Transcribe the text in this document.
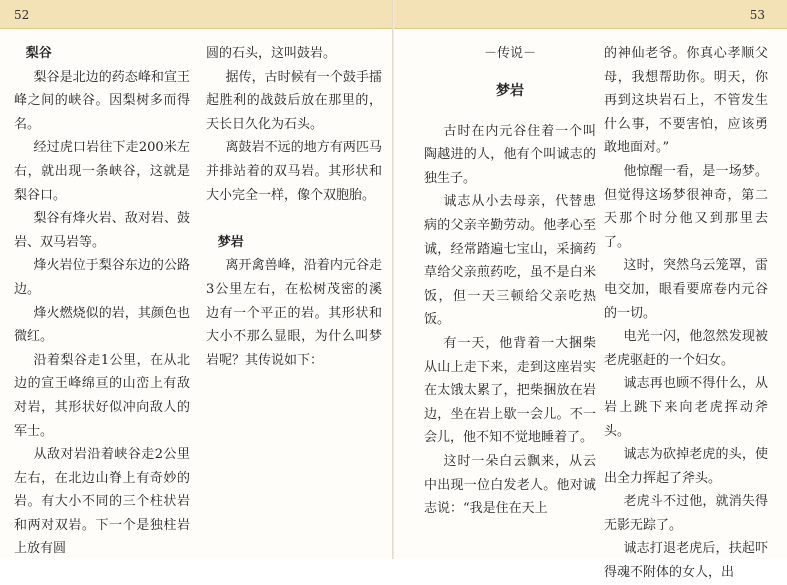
52
梨谷

梨谷是北边的药态峰和宣王峰之间的峡谷。因梨树多而得名。

经过虎口岩往下走200米左右，就出现一条峡谷，这就是梨谷口。

梨谷有烽火岩、敌对岩、鼓岩、双马岩等。

烽火岩位于梨谷东边的公路边。

烽火燃烧似的岩，其颜色也微红。

沿着梨谷走1公里，在从北边的宣王峰绵亘的山峦上有敌对岩，其形状好似冲向敌人的军士。

从敌对岩沿着峡谷走2公里左右，在北边山脊上有奇妙的岩。有大小不同的三个柱状岩和两对双岩。下一个是独柱岩上放有圆

圆的石头，这叫鼓岩。

据传，古时候有一个鼓手擂起胜利的战鼓后放在那里的，天长日久化为石头。

离鼓岩不远的地方有两匹马并排站着的双马岩。其形状和大小完全一样，像个双胞胎。

梦岩

离开禽兽峰，沿着内元谷走3公里左右，在松树茂密的溪边有一个平正的岩。其形状和大小不那么显眼，为什么叫梦岩呢？其传说如下：

53
－传说－
梦岩

古时在内元谷住着一个叫陶越进的人，他有个叫诚志的独生子。

诚志从小去母亲，代替患病的父亲辛勤劳动。他孝心至诚，经常踏遍七宝山，采摘药草给父亲煎药吃，虽不是白米饭，但一天三顿给父亲吃热饭。

有一天，他背着一大捆柴从山上走下来，走到这座岩实在太饿太累了，把柴捆放在岩边，坐在岩上歇一会儿。不一会儿，他不知不觉地睡着了。

这时一朵白云飘来，从云中出现一位白发老人。他对诚志说：“我是住在天上

的神仙老爷。你真心孝顺父母，我想帮助你。明天，你再到这块岩石上，不管发生什么事，不要害怕，应该勇敢地面对。”

他惊醒一看，是一场梦。但觉得这场梦很神奇，第二天那个时分他又到那里去了。

这时，突然乌云笼罩，雷电交加，眼看要席卷内元谷的一切。

电光一闪，他忽然发现被老虎驱赶的一个妇女。

诚志再也顾不得什么，从岩上跳下来向老虎挥动斧头。

诚志为砍掉老虎的头，使出全力挥起了斧头。

老虎斗不过他，就消失得无影无踪了。

诚志打退老虎后，扶起吓得魂不附体的女人，出
